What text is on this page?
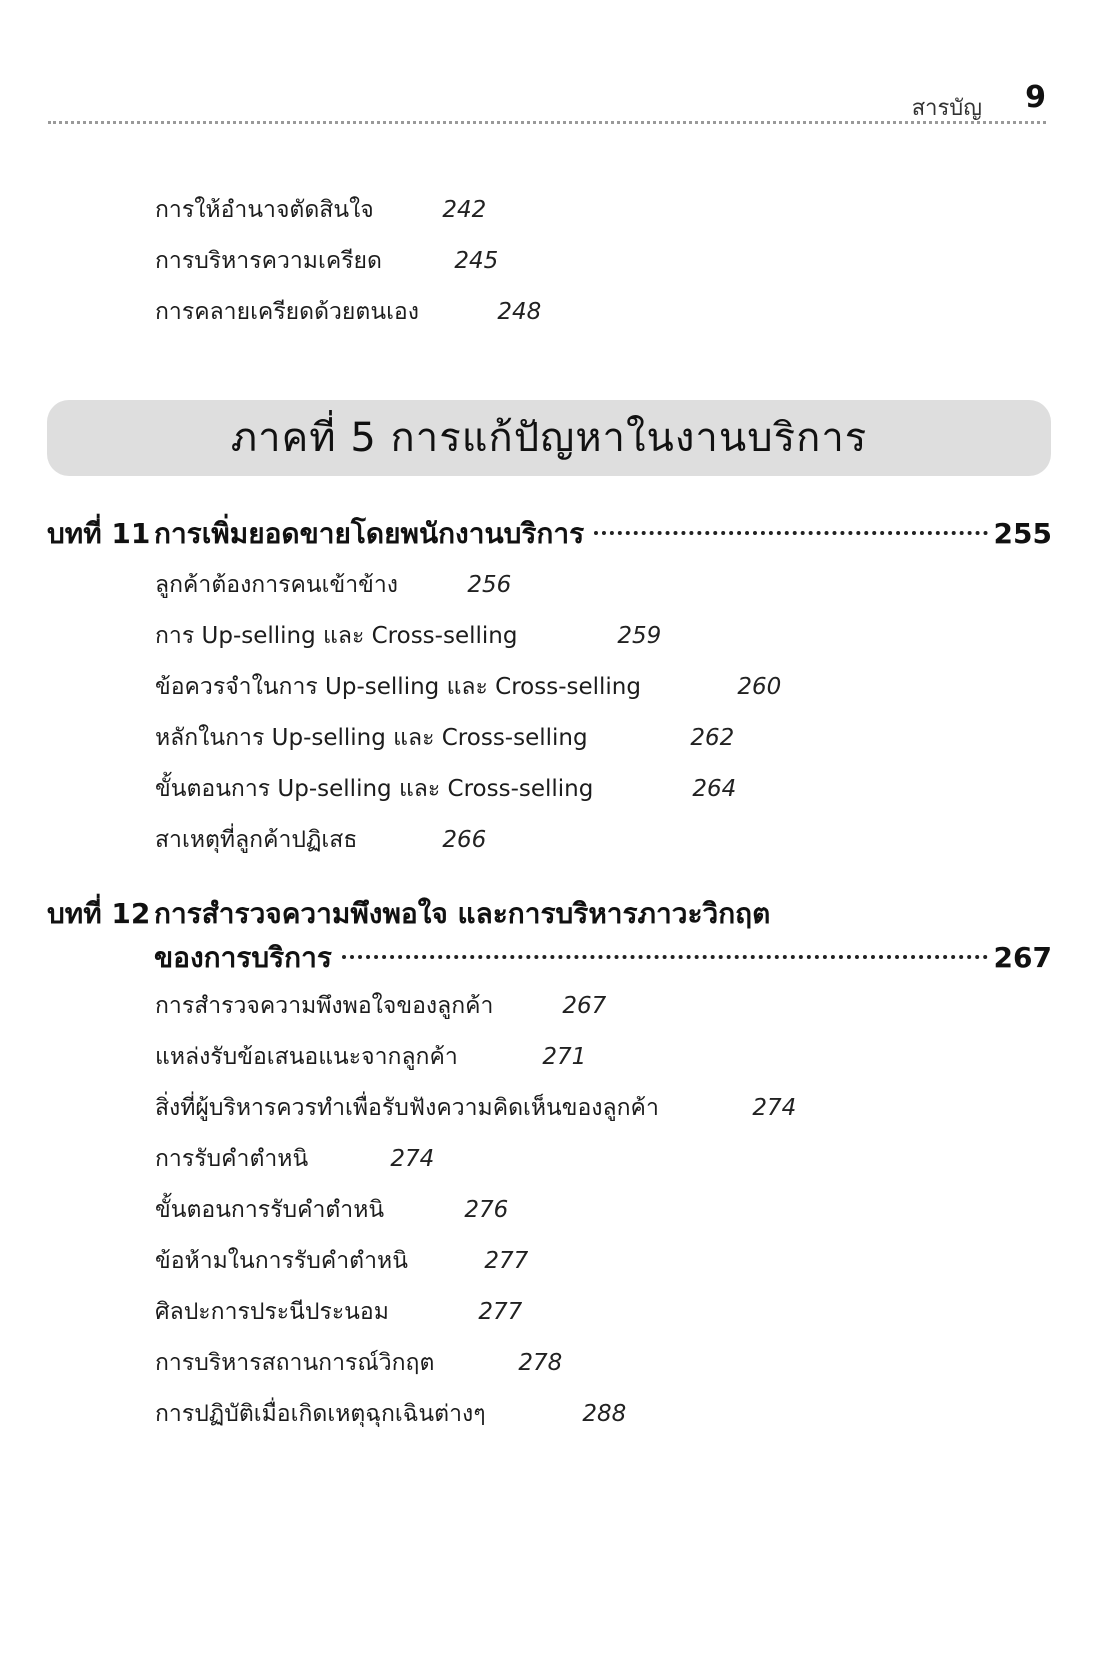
สารบัญ 9
การให้อำนาจตัดสินใจ	242
การบริหารความเครียด	245
การคลายเครียดด้วยตนเอง	248
ภาคที่ 5 การแก้ปัญหาในงานบริการ
บทที่ 11 การเพิ่มยอดขายโดยพนักงานบริการ	255
ลูกค้าต้องการคนเข้าข้าง	256
การ Up-selling และ Cross-selling	259
ข้อควรจำในการ Up-selling และ Cross-selling	260
หลักในการ Up-selling และ Cross-selling	262
ขั้นตอนการ Up-selling และ Cross-selling	264
สาเหตุที่ลูกค้าปฏิเสธ	266
บทที่ 12 การสำรวจความพึงพอใจ และการบริหารภาวะวิกฤต
ของการบริการ	267
การสำรวจความพึงพอใจของลูกค้า	267
แหล่งรับข้อเสนอแนะจากลูกค้า	271
สิ่งที่ผู้บริหารควรทำเพื่อรับฟังความคิดเห็นของลูกค้า	274
การรับคำตำหนิ	274
ขั้นตอนการรับคำตำหนิ	276
ข้อห้ามในการรับคำตำหนิ	277
ศิลปะการประนีประนอม	277
การบริหารสถานการณ์วิกฤต	278
การปฏิบัติเมื่อเกิดเหตุฉุกเฉินต่างๆ	288
